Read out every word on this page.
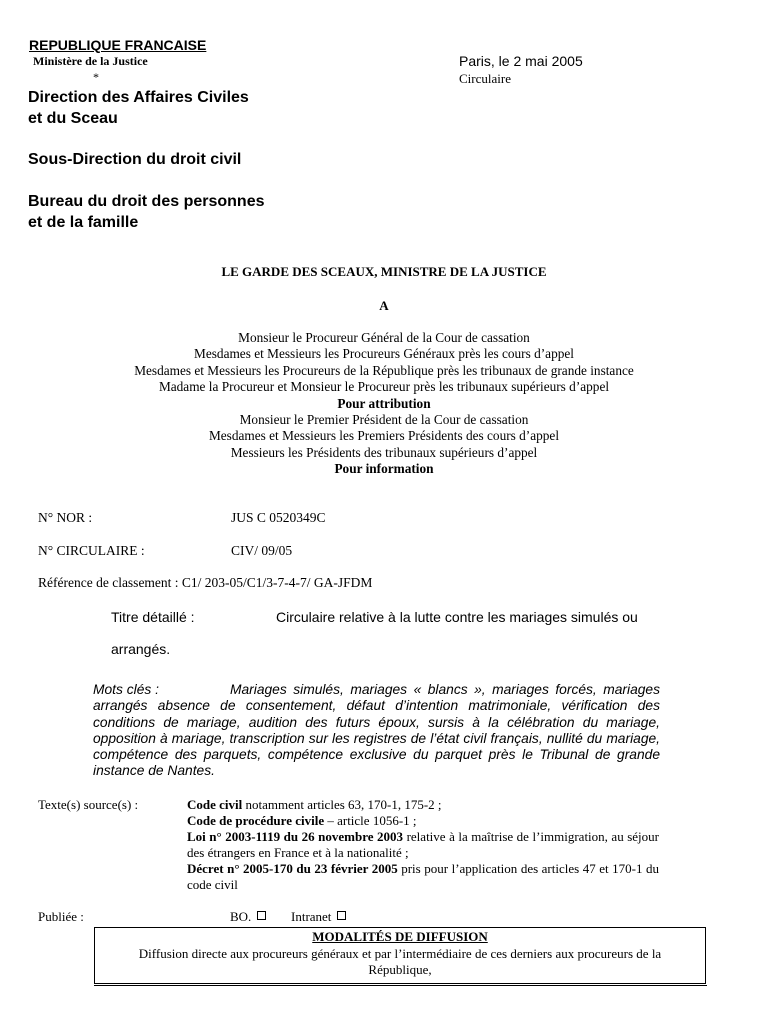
REPUBLIQUE FRANCAISE
Ministère de la Justice
*
Paris, le 2 mai 2005
Circulaire
Direction des Affaires Civiles
et du Sceau
Sous-Direction du droit civil
Bureau du droit des personnes
et de la famille
LE GARDE DES SCEAUX, MINISTRE DE LA JUSTICE
A
Monsieur le Procureur Général de la Cour de cassation
Mesdames et Messieurs les Procureurs Généraux près les cours d’appel
Mesdames et Messieurs les Procureurs de la République près les tribunaux de grande instance
Madame la Procureur et Monsieur le Procureur près les tribunaux supérieurs d’appel
Pour attribution
Monsieur le Premier Président de la Cour de cassation
Mesdames et Messieurs les Premiers Présidents des cours d’appel
Messieurs les Présidents des tribunaux supérieurs d’appel
Pour information
N° NOR :	JUS C 0520349C
N° CIRCULAIRE :	CIV/ 09/05
Référence de classement : C1/ 203-05/C1/3-7-4-7/ GA-JFDM
Titre détaillé :	Circulaire relative à la lutte contre les mariages simulés ou
arrangés.
Mots clés :	Mariages simulés, mariages « blancs », mariages forcés, mariages arrangés absence de consentement, défaut d’intention matrimoniale, vérification des conditions de mariage, audition des futurs époux, sursis à la célébration du mariage, opposition à mariage, transcription sur les registres de l’état civil français, nullité du mariage, compétence des parquets, compétence exclusive du parquet près le Tribunal de grande instance de Nantes.
Texte(s) source(s) :	Code civil notamment articles 63, 170-1, 175-2 ;
Code de procédure civile – article 1056-1 ;
Loi n° 2003-1119 du 26 novembre 2003 relative à la maîtrise de l’immigration, au séjour des étrangers en France et à la nationalité ;
Décret n° 2005-170 du 23 février 2005 pris pour l’application des articles 47 et 170-1 du code civil
Publiée :	BO.	Intranet
MODALITÉS DE DIFFUSION
Diffusion directe aux procureurs généraux et par l’intermédiaire de ces derniers aux procureurs de la République,
